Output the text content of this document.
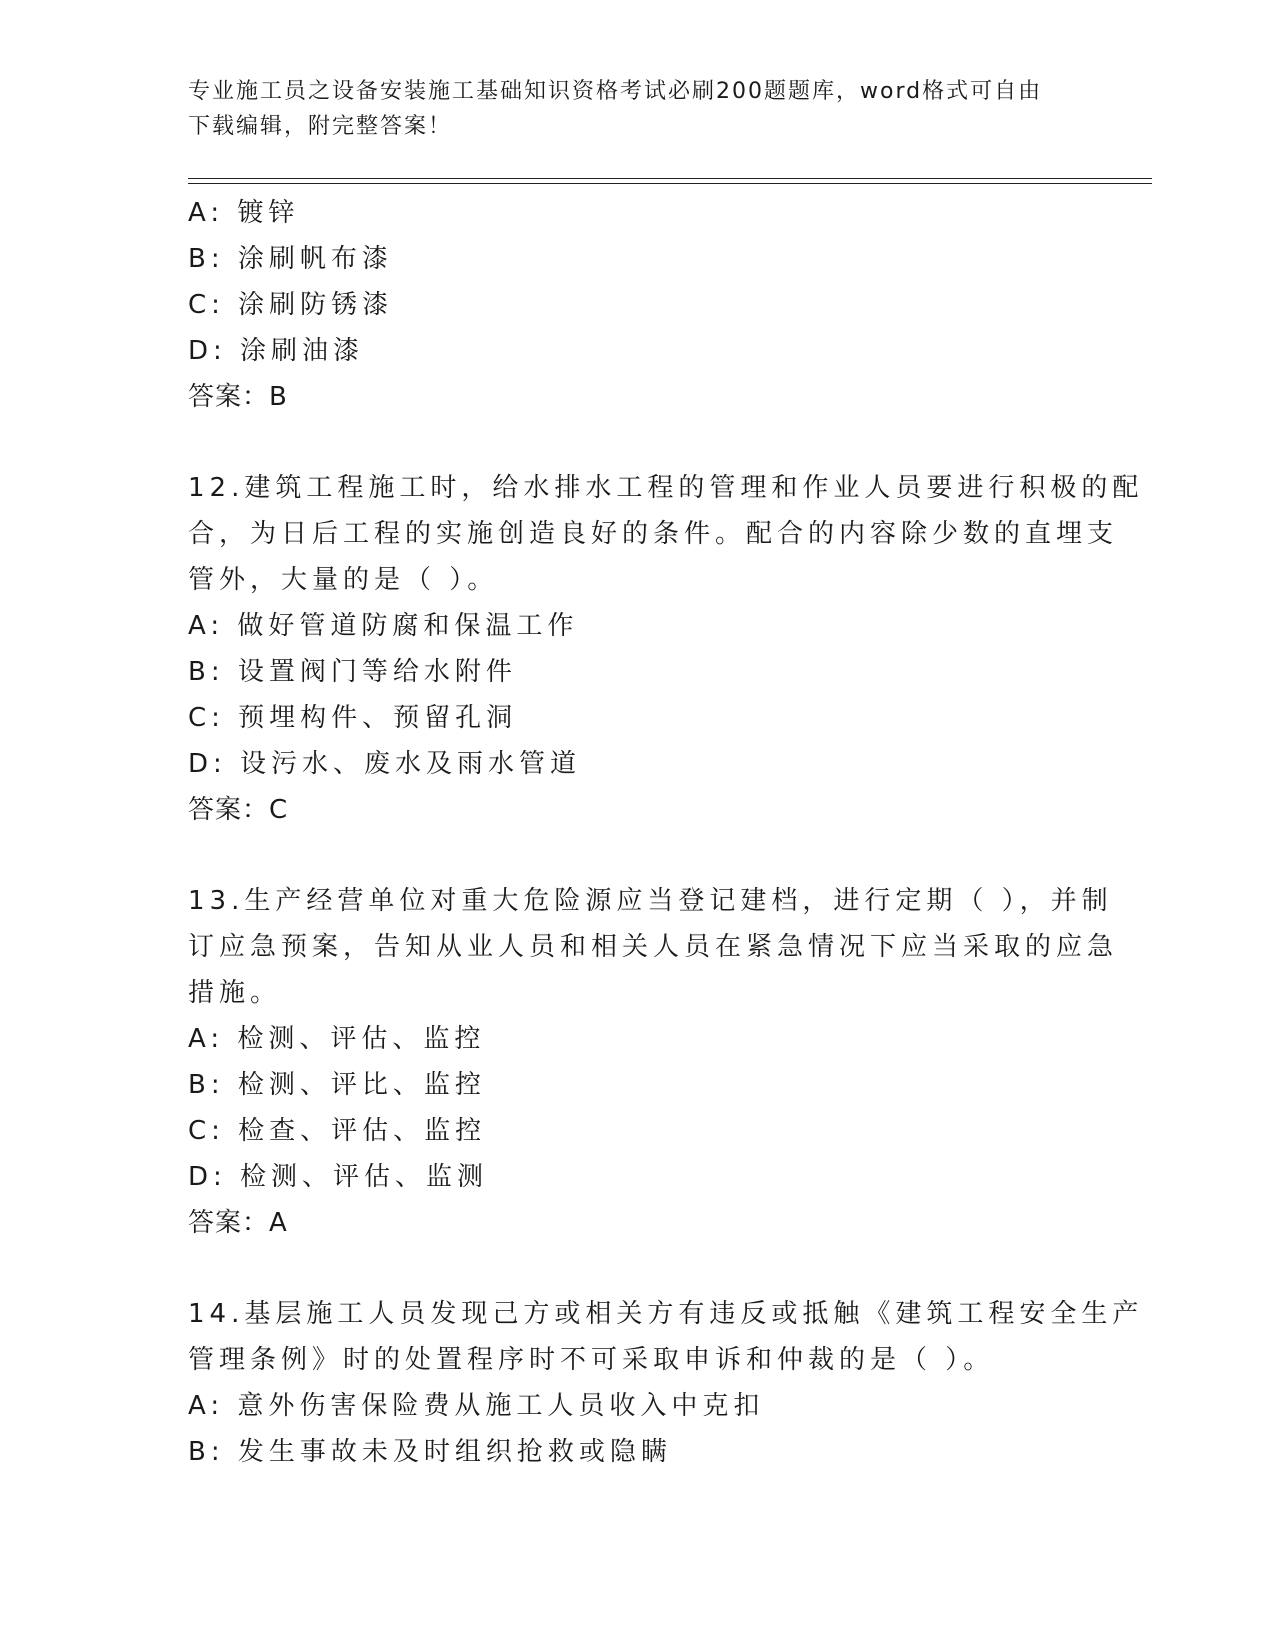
专业施工员之设备安装施工基础知识资格考试必刷200题题库，word格式可自由
下载编辑，附完整答案！
A: 镀锌
B: 涂刷帆布漆
C: 涂刷防锈漆
D: 涂刷油漆
答案：B
12.建筑工程施工时，给水排水工程的管理和作业人员要进行积极的配
合，为日后工程的实施创造良好的条件。配合的内容除少数的直埋支
管外，大量的是（ ）。
A: 做好管道防腐和保温工作
B: 设置阀门等给水附件
C: 预埋构件、预留孔洞
D: 设污水、废水及雨水管道
答案：C
13.生产经营单位对重大危险源应当登记建档，进行定期（ ），并制
订应急预案，告知从业人员和相关人员在紧急情况下应当采取的应急
措施。
A: 检测、评估、监控
B: 检测、评比、监控
C: 检查、评估、监控
D: 检测、评估、监测
答案：A
14.基层施工人员发现己方或相关方有违反或抵触《建筑工程安全生产
管理条例》时的处置程序时不可采取申诉和仲裁的是（ ）。
A: 意外伤害保险费从施工人员收入中克扣
B: 发生事故未及时组织抢救或隐瞒
